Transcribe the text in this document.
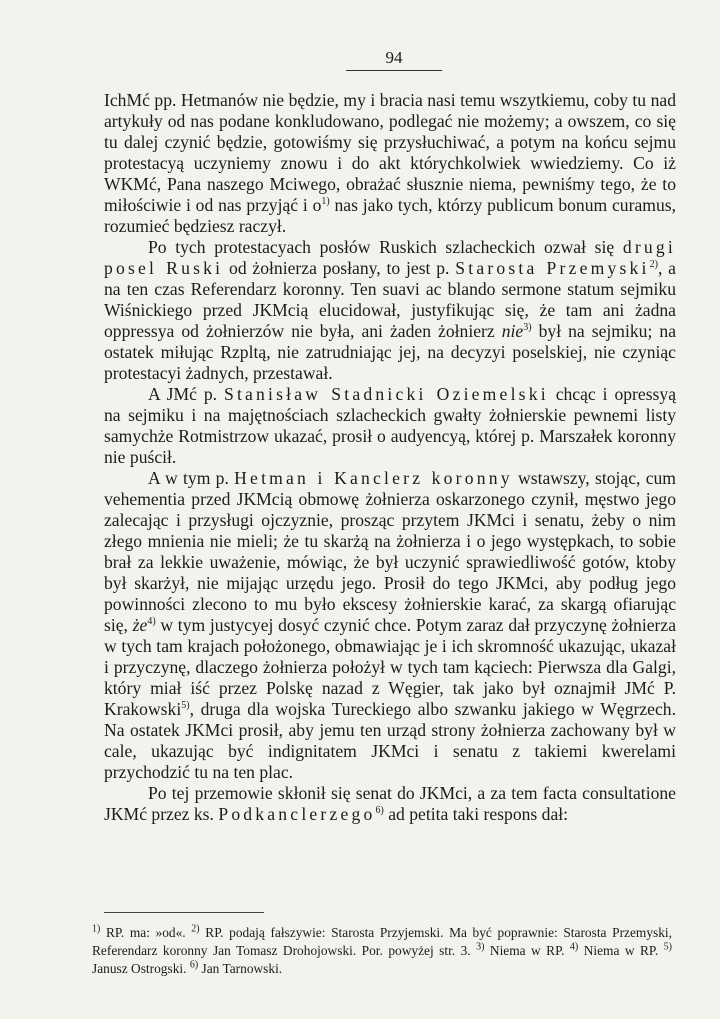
94

IchMć pp. Hetmanów nie będzie, my i bracia nasi temu wszytkiemu, coby tu nad artykuły od nas podane konkludowano, podlegać nie możemy; a owszem, co się tu dalej czynić będzie, gotowiśmy się przysłuchiwać, a potym na końcu sejmu protestacyą uczyniemy znowu i do akt którychkolwiek wwiedziemy. Co iż WKMć, Pana naszego Mciwego, obrażać słusznie niema, pewniśmy tego, że to miłościwie i od nas przyjąć i $o^{1)}$ nas jako tych, którzy publicum bonum curamus, rozumieć będziesz raczył.

Po tych protestacyach posłów Ruskich szlacheckich ozwał się drugi posel Ruski od żołnierza posłany, to jest p. Starosta Przemyski$^{2)}$, a na ten czas Referendarz koronny. Ten suavi ac blando sermone statum sejmiku Wiśnickiego przed JKMcią elucidował, justyfikując się, że tam ani żadna oppressya od żołnierzów nie była, ani żaden żołnierz nie$^{3)}$ był na sejmiku; na ostatek miłując Rzpltą, nie zatrudniając jej, na decyzyi poselskiej, nie czyniąc protestacyi żadnych, przestawał.

A JMć p. Stanisław Stadnicki Oziemelski chcąc i opressyą na sejmiku i na majętnościach szlacheckich gwałty żołnierskie pewnemi listy samychże Rotmistrzow ukazać, prosił o audyencyą, której p. Marszałek koronny nie puścił.

A w tym p. Hetman i Kanclerz koronny wstawszy, stojąc, cum vehementia przed JKMcią obmowę żołnierza oskarzonego czynił, męstwo jego zalecając i przysługi ojczyznie, prosząc przytem JKMci i senatu, żeby o nim złego mnienia nie mieli; że tu skarżą na żołnierza i o jego występkach, to sobie brał za lekkie uważenie, mówiąc, że był uczynić sprawiedliwość gotów, ktoby był skarżył, nie mijając urzędu jego. Prosił do tego JKMci, aby podług jego powinności zlecono to mu było ekscesy żołnierskie karać, za skargą ofiarując się, $że^{4)}$ w tym justycyej dosyć czynić chce. Potym zaraz dał przyczynę żołnierza w tych tam krajach położonego, obmawiając je i ich skromność ukazując, ukazał i przyczynę, dlaczego żołnierza położył w tych tam kąciech: Pierwsza dla Galgi, który miał iść przez Polskę nazad z Węgier, tak jako był oznajmił JMć P. Krakowski$^{5)}$, druga dla wojska Tureckiego albo szwanku jakiego w Węgrzech. Na ostatek JKMci prosił, aby jemu ten urząd strony żołnierza zachowany był w cale, ukazując być indignitatem JKMci i senatu z takiemi kwerelami przychodzić tu na ten plac.

Po tej przemowie skłonił się senat do JKMci, a za tem facta consultatione JKMć przez ks. Podkanclerzego$^{6)}$ ad petita taki respons dał:

$^{1)}$ RP. ma: »od«. $^{2)}$ RP. podają fałszywie: Starosta Przyjemski. Ma być poprawnie: Starosta Przemyski, Referendarz koronny Jan Tomasz Drohojowski. Por. powyżej str. 3. $^{3)}$ Niema w RP. $^{4)}$ Niema w RP. $^{5)}$ Janusz Ostrogski. $^{6)}$ Jan Tarnowski.
